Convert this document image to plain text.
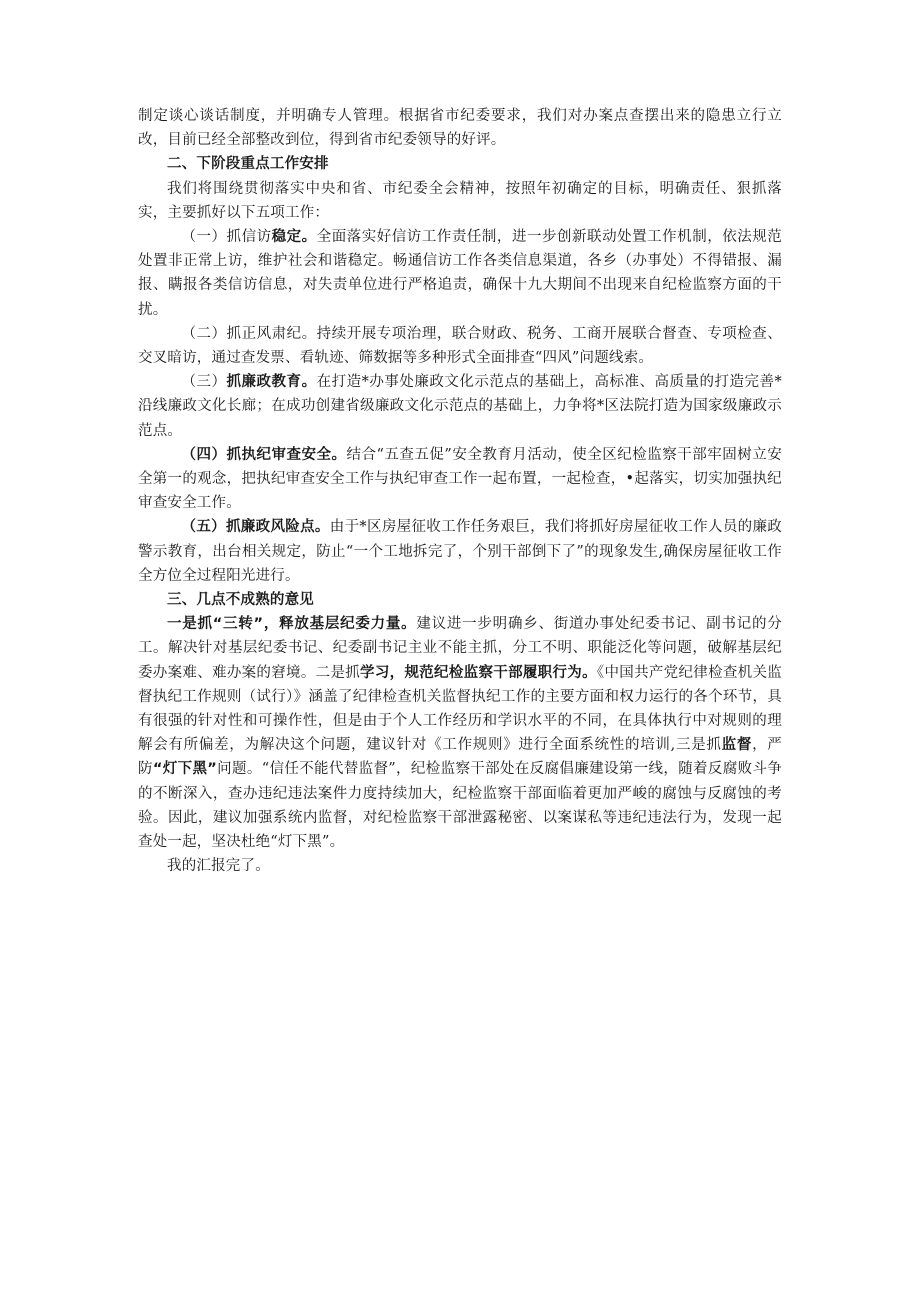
制定谈心谈话制度，并明确专人管理。根据省市纪委要求，我们对办案点查摆出来的隐患立行立改，目前已经全部整改到位，得到省市纪委领导的好评。

二、下阶段重点工作安排

我们将围绕贯彻落实中央和省、市纪委全会精神，按照年初确定的目标，明确责任、狠抓落实，主要抓好以下五项工作：

（一）抓信访稳定。全面落实好信访工作责任制，进一步创新联动处置工作机制，依法规范处置非正常上访，维护社会和谐稳定。畅通信访工作各类信息渠道，各乡（办事处）不得错报、漏报、瞒报各类信访信息，对失责单位进行严格追责，确保十九大期间不出现来自纪检监察方面的干扰。

（二）抓正风肃纪。持续开展专项治理，联合财政、税务、工商开展联合督查、专项检查、交叉暗访，通过查发票、看轨迹、筛数据等多种形式全面排查“四风”问题线索。

（三）抓廉政教育。在打造*办事处廉政文化示范点的基础上，高标准、高质量的打造完善*沿线廉政文化长廊；在成功创建省级廉政文化示范点的基础上，力争将*区法院打造为国家级廉政示范点。

（四）抓执纪审查安全。结合“五查五促”安全教育月活动，使全区纪检监察干部牢固树立安全第一的观念，把执纪审查安全工作与执纪审查工作一起布置，一起检查，•起落实，切实加强执纪审查安全工作。

（五）抓廉政风险点。由于*区房屋征收工作任务艰巨，我们将抓好房屋征收工作人员的廉政警示教育，出台相关规定，防止“一个工地拆完了，个别干部倒下了”的现象发生,确保房屋征收工作全方位全过程阳光进行。

三、几点不成熟的意见

一是抓“三转”，释放基层纪委力量。建议进一步明确乡、街道办事处纪委书记、副书记的分工。解决针对基层纪委书记、纪委副书记主业不能主抓，分工不明、职能泛化等问题，破解基层纪委办案难、难办案的窘境。二是抓学习，规范纪检监察干部履职行为。《中国共产党纪律检查机关监督执纪工作规则（试行）》涵盖了纪律检查机关监督执纪工作的主要方面和权力运行的各个环节，具有很强的针对性和可操作性，但是由于个人工作经历和学识水平的不同，在具体执行中对规则的理解会有所偏差，为解决这个问题，建议针对《工作规则》进行全面系统性的培训,三是抓监督，严防“灯下黑”问题。“信任不能代替监督”，纪检监察干部处在反腐倡廉建设第一线，随着反腐败斗争的不断深入，查办违纪违法案件力度持续加大，纪检监察干部面临着更加严峻的腐蚀与反腐蚀的考验。因此，建议加强系统内监督，对纪检监察干部泄露秘密、以案谋私等违纪违法行为，发现一起查处一起，坚决杜绝“灯下黑”。

我的汇报完了。
